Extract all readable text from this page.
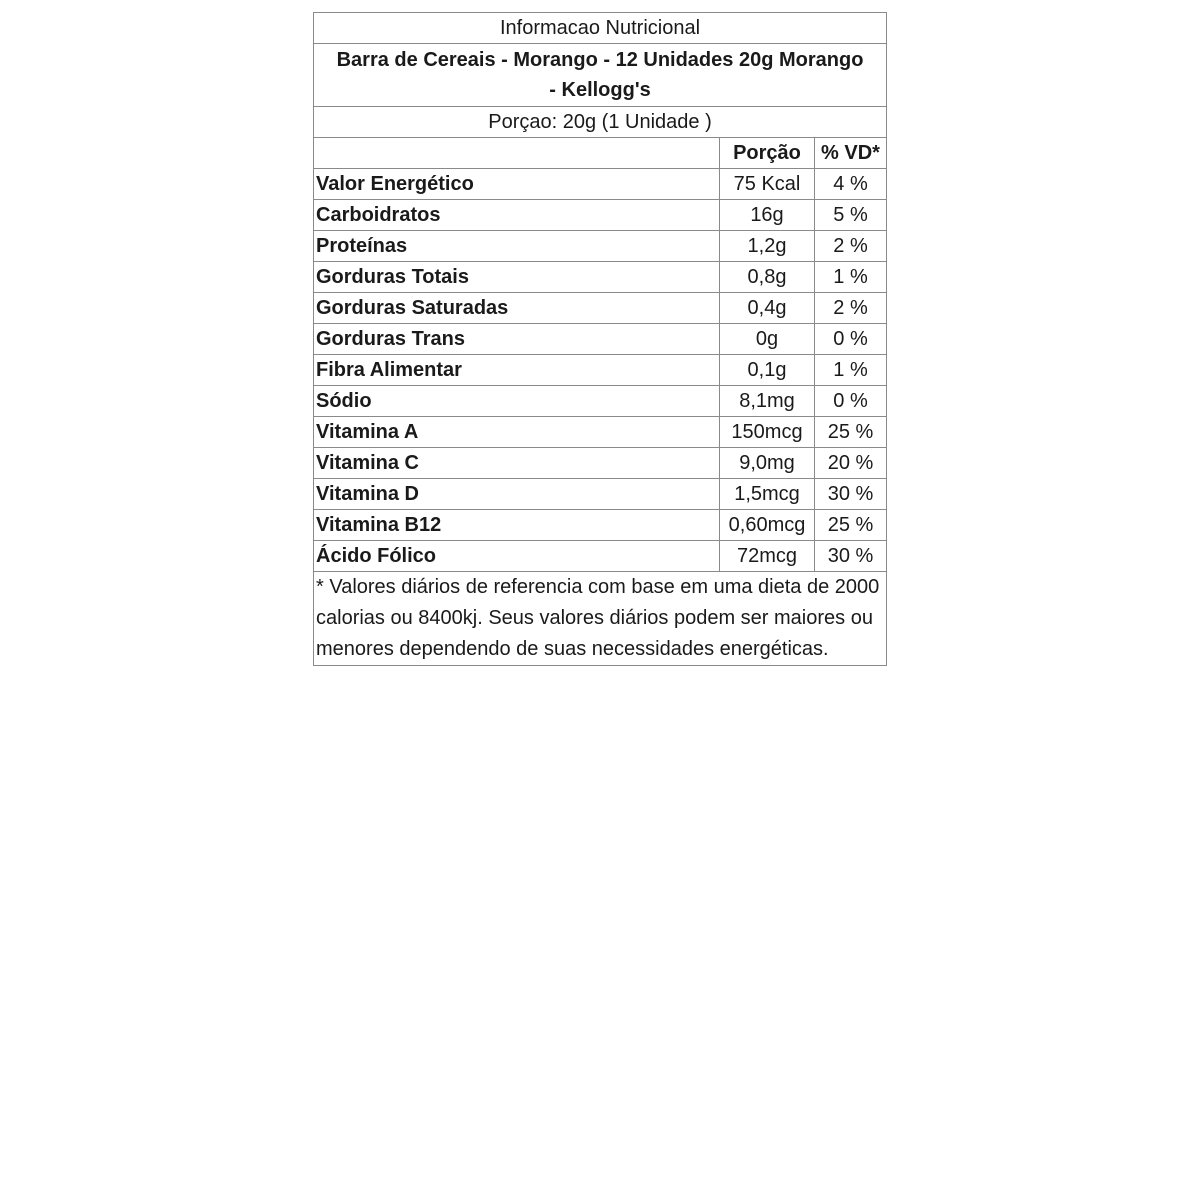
Informacao Nutricional		
Barra de Cereais - Morango - 12 Unidades 20g Morango - Kellogg's		
Porçao: 20g (1 Unidade )		
	Porção	% VD*
Valor Energético	75 Kcal	4 %
Carboidratos	16g	5 %
Proteínas	1,2g	2 %
Gorduras Totais	0,8g	1 %
Gorduras Saturadas	0,4g	2 %
Gorduras Trans	0g	0 %
Fibra Alimentar	0,1g	1 %
Sódio	8,1mg	0 %
Vitamina A	150mcg	25 %
Vitamina C	9,0mg	20 %
Vitamina D	1,5mcg	30 %
Vitamina B12	0,60mcg	25 %
Ácido Fólico	72mcg	30 %
* Valores diários de referencia com base em uma dieta de 2000 calorias ou 8400kj. Seus valores diários podem ser maiores ou menores dependendo de suas necessidades energéticas.		
